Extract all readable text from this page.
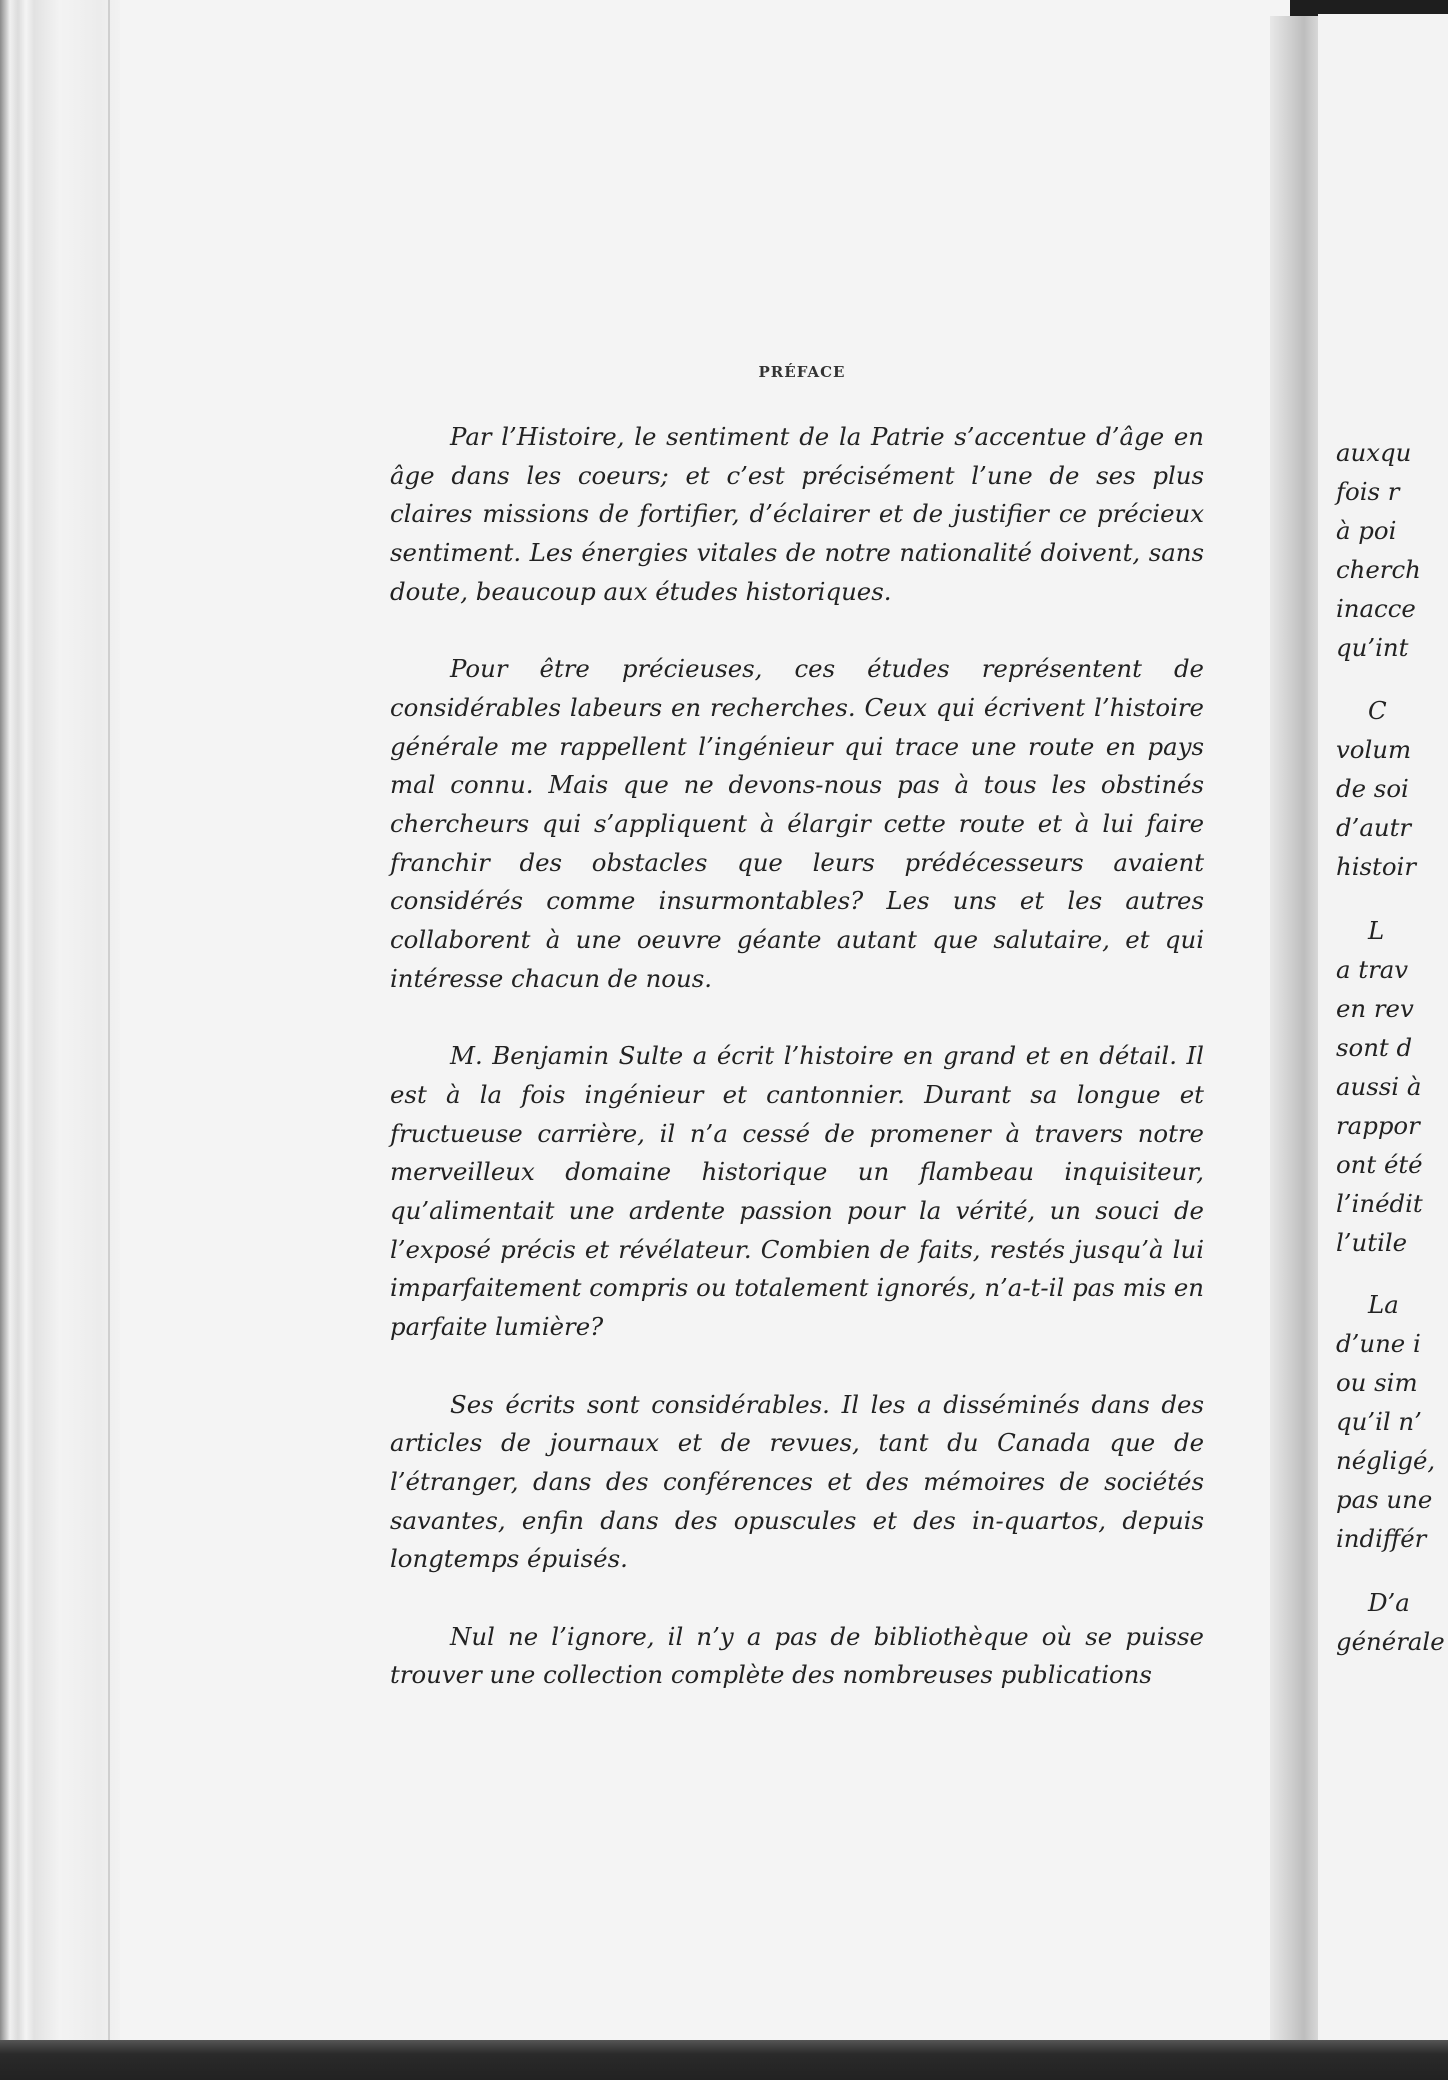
PRÉFACE

Par l’Histoire, le sentiment de la Patrie s’accentue d’âge en âge dans les coeurs; et c’est précisément l’une de ses plus claires missions de fortifier, d’éclairer et de justifier ce précieux sentiment. Les énergies vitales de notre nationalité doivent, sans doute, beaucoup aux études historiques.

Pour être précieuses, ces études représentent de considérables labeurs en recherches. Ceux qui écrivent l’histoire générale me rappellent l’ingénieur qui trace une route en pays mal connu. Mais que ne devons-nous pas à tous les obstinés chercheurs qui s’appliquent à élargir cette route et à lui faire franchir des obstacles que leurs prédécesseurs avaient considérés comme insurmontables? Les uns et les autres collaborent à une oeuvre géante autant que salutaire, et qui intéresse chacun de nous.

M. Benjamin Sulte a écrit l’histoire en grand et en détail. Il est à la fois ingénieur et cantonnier. Durant sa longue et fructueuse carrière, il n’a cessé de promener à travers notre merveilleux domaine historique un flambeau inquisiteur, qu’alimentait une ardente passion pour la vérité, un souci de l’exposé précis et révélateur. Combien de faits, restés jusqu’à lui imparfaitement compris ou totalement ignorés, n’a-t-il pas mis en parfaite lumière?

Ses écrits sont considérables. Il les a disséminés dans des articles de journaux et de revues, tant du Canada que de l’étranger, dans des conférences et des mémoires de sociétés savantes, enfin dans des opuscules et des in-quartos, depuis longtemps épuisés.

Nul ne l’ignore, il n’y a pas de bibliothèque où se puisse trouver une collection complète des nombreuses publications

auxqu
fois r
à poi
cherch
inacce
qu’int
C
volum
de soi
d’autr
histoir
L
a trav
en rev
sont d
aussi à
rappor
ont été
l’inédit
l’utile
La
d’une i
ou sim
qu’il n’
négligé,
pas une
indiffér
D’a
générale
